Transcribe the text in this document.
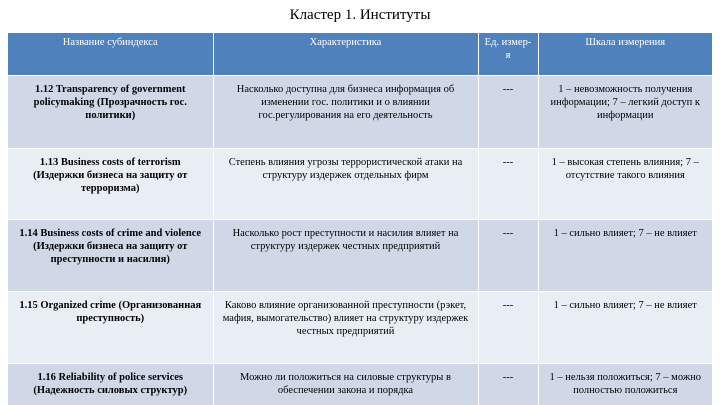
Кластер 1. Институты
Название субиндекса	Характеристика	Ед. измер-я	Шкала измерения
1.12 Transparency of government policymaking (Прозрачность гос. политики)	Насколько доступна для бизнеса информация об изменении гос. политики и о влиянии гос.регулирования на его деятельность	---	1 – невозможность получения информации; 7 – легкий доступ к информации
1.13 Business costs of terrorism (Издержки бизнеса на защиту от терроризма)	Степень влияния угрозы террористической атаки на структуру издержек отдельных фирм	---	1 – высокая степень влияния; 7 – отсутствие такого влияния
1.14 Business costs of crime and violence (Издержки бизнеса на защиту от преступности и насилия)	Насколько рост преступности и насилия влияет на структуру издержек честных предприятий	---	1 – сильно влияет; 7 – не влияет
1.15 Organized crime (Организованная преступность)	Каково влияние организованной преступности (рэкет, мафия, вымогательство) влияет на структуру издержек честных предприятий	---	1 – сильно влияет; 7 – не влияет
1.16 Reliability of police services (Надежность силовых структур)	Можно ли положиться на силовые структуры в обеспечении закона и порядка	---	1 – нельзя положиться; 7 – можно полностью положиться
